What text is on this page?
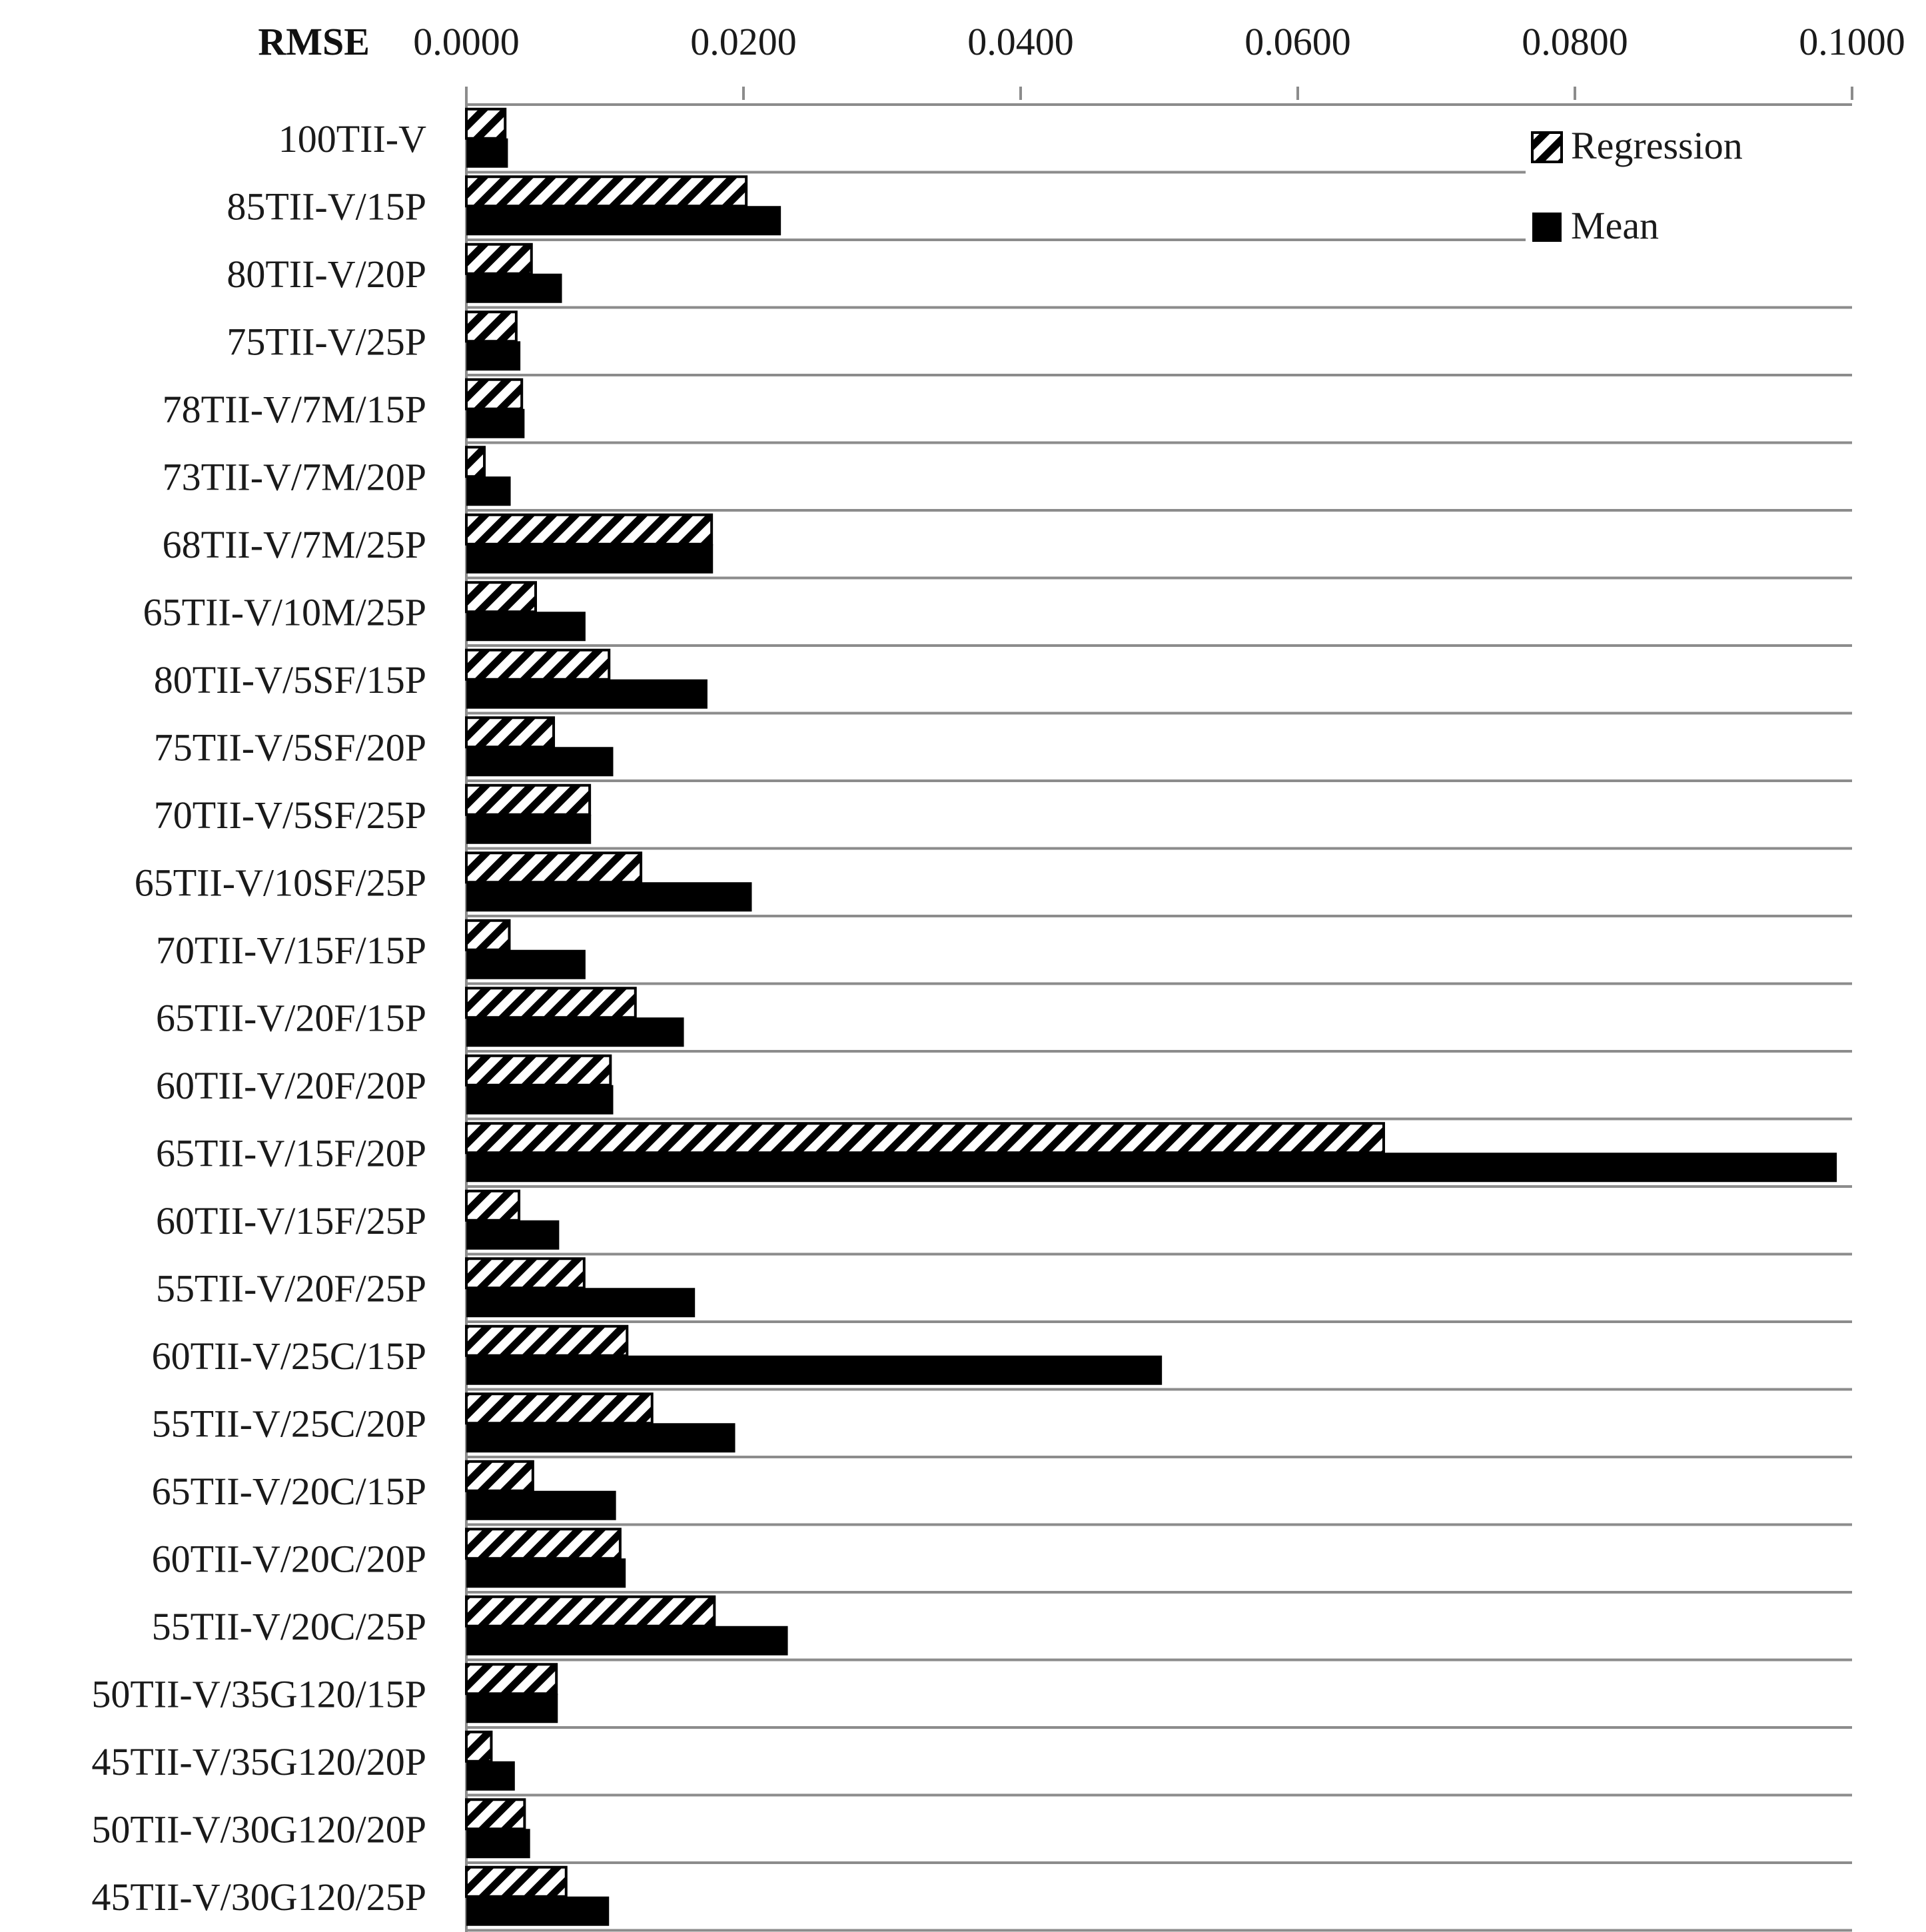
RMSE 0.0000	0.0200	0.0400	0.0600	0.0800	0.1000
100TII-V
85TII-V/15P
80TII-V/20P
75TII-V/25P
78TII-V/7M/15P
73TII-V/7M/20P
68TII-V/7M/25P
65TII-V/10M/25P
80TII-V/5SF/15P
75TII-V/5SF/20P
70TII-V/5SF/25P
65TII-V/10SF/25P
70TII-V/15F/15P
65TII-V/20F/15P
60TII-V/20F/20P
65TII-V/15F/20P
60TII-V/15F/25P
55TII-V/20F/25P
60TII-V/25C/15P
55TII-V/25C/20P
65TII-V/20C/15P
60TII-V/20C/20P
55TII-V/20C/25P
50TII-V/35G120/15P
45TII-V/35G120/20P
50TII-V/30G120/20P
45TII-V/30G120/25P
Regression
Mean
